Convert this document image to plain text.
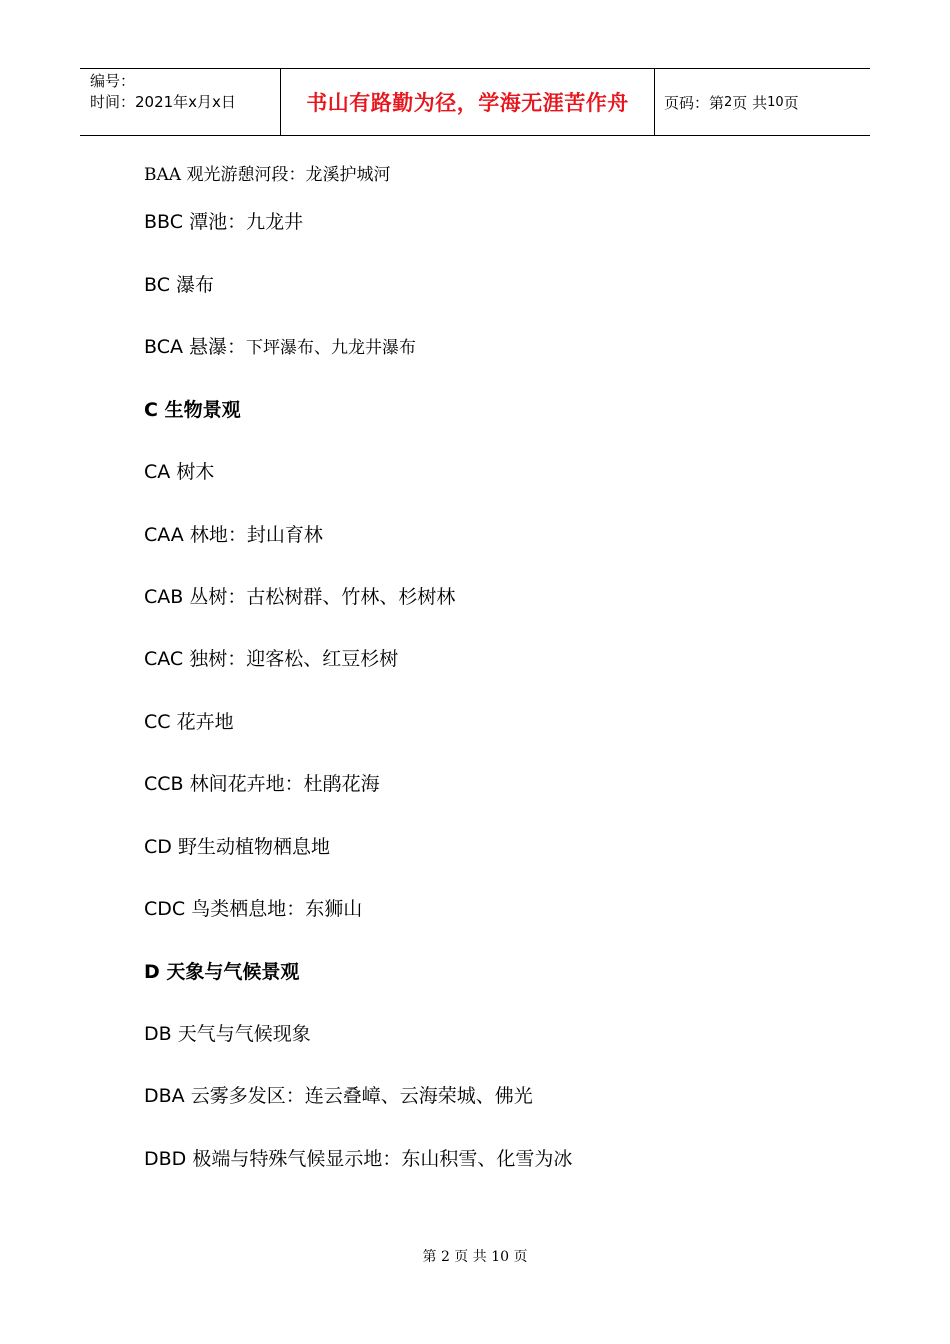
编号：
时间：2021年x月x日	书山有路勤为径，学海无涯苦作舟	页码：第 2 页 共 10 页
BAA 观光游憩河段：龙溪护城河
BBC 潭池：九龙井
BC 瀑布
BCA 悬瀑：下坪瀑布、九龙井瀑布
C 生物景观
CA 树木
CAA 林地：封山育林
CAB 丛树：古松树群、竹林、杉树林
CAC 独树：迎客松、红豆杉树
CC 花卉地
CCB 林间花卉地：杜鹃花海
CD 野生动植物栖息地
CDC 鸟类栖息地：东狮山
D 天象与气候景观
DB 天气与气候现象
DBA 云雾多发区：连云叠嶂、云海荣城、佛光
DBD 极端与特殊气候显示地：东山积雪、化雪为冰
第 2 页 共 10 页
